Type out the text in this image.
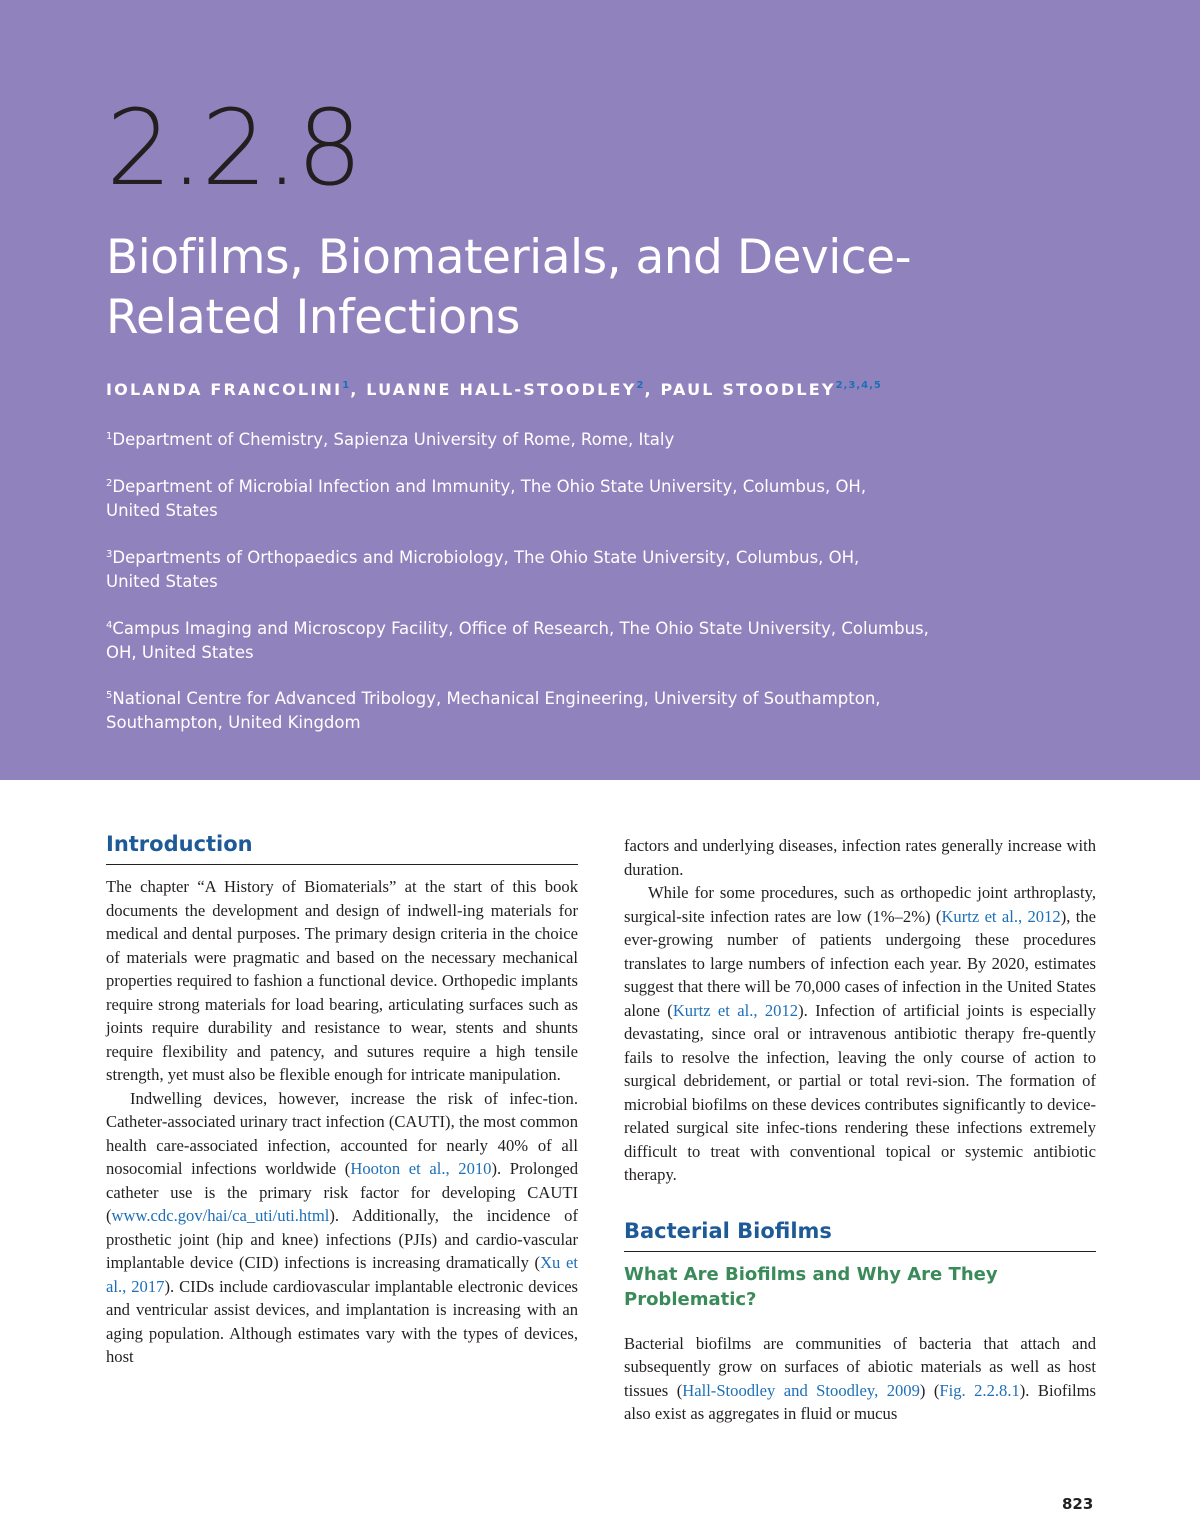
2.2.8
Biofilms, Biomaterials, and Device-
Related Infections
IOLANDA FRANCOLINI$^1$, LUANNE HALL-STOODLEY$^2$, PAUL STOODLEY$^{2,3,4,5}$
$^1$Department of Chemistry, Sapienza University of Rome, Rome, Italy
$^2$Department of Microbial Infection and Immunity, The Ohio State University, Columbus, OH,
United States
$^3$Departments of Orthopaedics and Microbiology, The Ohio State University, Columbus, OH,
United States
$^4$Campus Imaging and Microscopy Facility, Office of Research, The Ohio State University, Columbus,
OH, United States
$^5$National Centre for Advanced Tribology, Mechanical Engineering, University of Southampton,
Southampton, United Kingdom
Introduction

The chapter “A History of Biomaterials” at the start of this book documents the development and design of indwell-ing materials for medical and dental purposes. The primary design criteria in the choice of materials were pragmatic and based on the necessary mechanical properties required to fashion a functional device. Orthopedic implants require strong materials for load bearing, articulating surfaces such as joints require durability and resistance to wear, stents and shunts require flexibility and patency, and sutures require a high tensile strength, yet must also be flexible enough for intricate manipulation.

Indwelling devices, however, increase the risk of infec-tion. Catheter-associated urinary tract infection (CAUTI), the most common health care-associated infection, accounted for nearly 40% of all nosocomial infections worldwide (Hooton et al., 2010). Prolonged catheter use is the primary risk factor for developing CAUTI (www.cdc.gov/hai/ca_uti/uti.html). Additionally, the incidence of prosthetic joint (hip and knee) infections (PJIs) and cardio-vascular implantable device (CID) infections is increasing dramatically (Xu et al., 2017). CIDs include cardiovascular implantable electronic devices and ventricular assist devices, and implantation is increasing with an aging population. Although estimates vary with the types of devices, host

factors and underlying diseases, infection rates generally increase with duration.

While for some procedures, such as orthopedic joint arthroplasty, surgical-site infection rates are low (1%–2%) (Kurtz et al., 2012), the ever-growing number of patients undergoing these procedures translates to large numbers of infection each year. By 2020, estimates suggest that there will be 70,000 cases of infection in the United States alone (Kurtz et al., 2012). Infection of artificial joints is especially devastating, since oral or intravenous antibiotic therapy fre-quently fails to resolve the infection, leaving the only course of action to surgical debridement, or partial or total revi-sion. The formation of microbial biofilms on these devices contributes significantly to device-related surgical site infec-tions rendering these infections extremely difficult to treat with conventional topical or systemic antibiotic therapy.

Bacterial Biofilms
What Are Biofilms and Why Are They Problematic?

Bacterial biofilms are communities of bacteria that attach and subsequently grow on surfaces of abiotic materials as well as host tissues (Hall-Stoodley and Stoodley, 2009) (Fig. 2.2.8.1). Biofilms also exist as aggregates in fluid or mucus

823
